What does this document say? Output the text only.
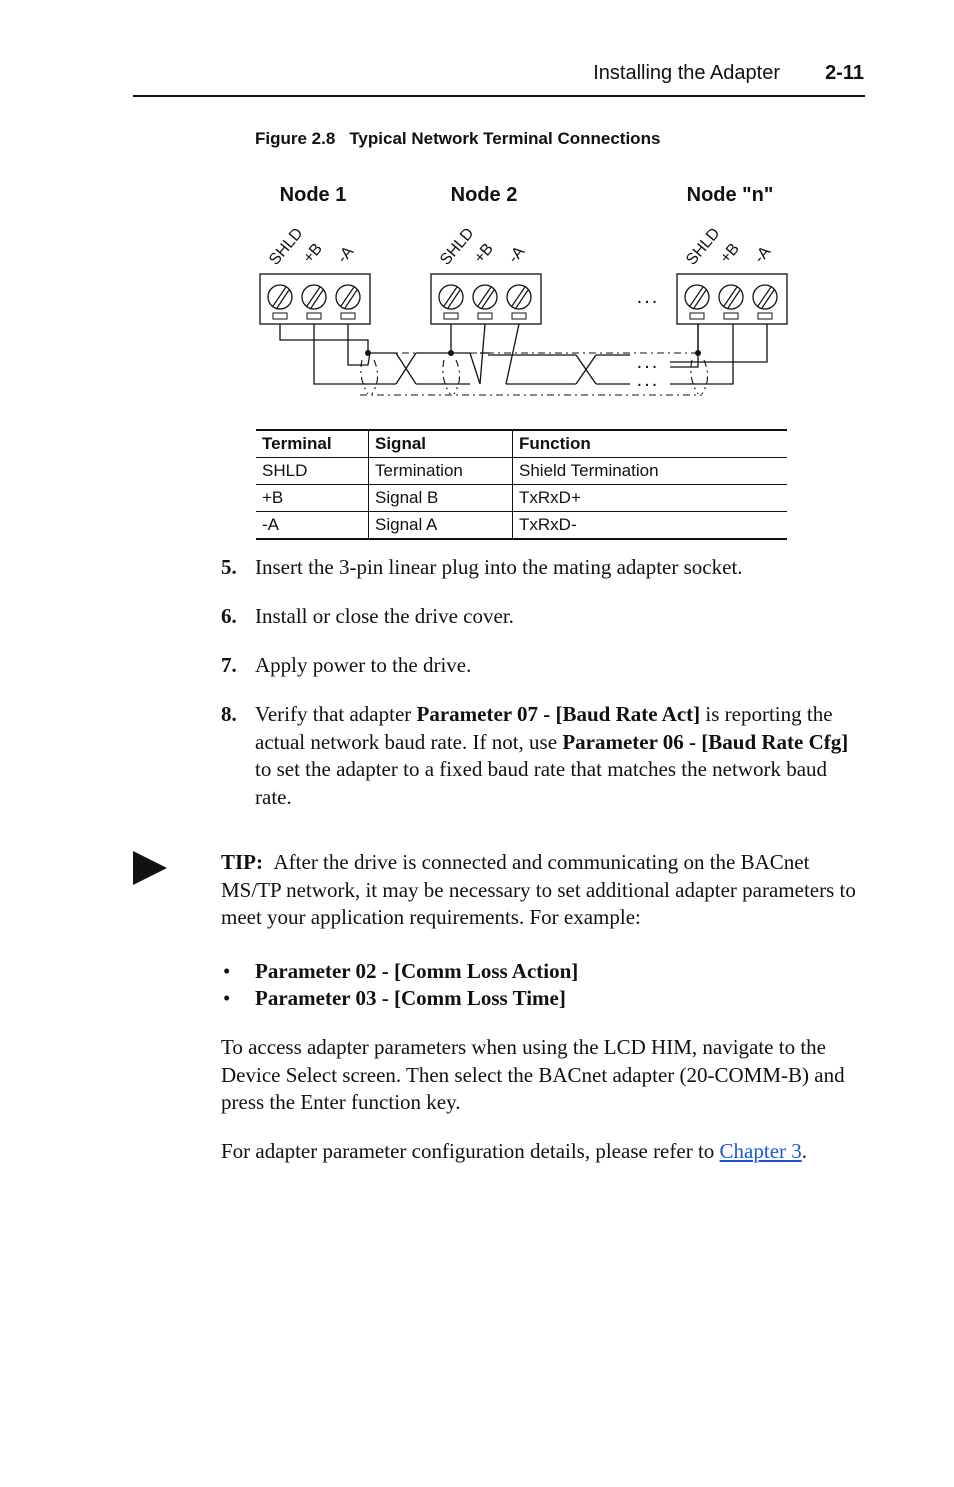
Installing the Adapter 2-11
Figure 2.8 Typical Network Terminal Connections
Node 1
SHLD
+B -A
Node 2
SHLD
+B -A
Node "n"
SHLD
+B -A
...
...
...
Terminal	Signal	Function
SHLD	Termination	Shield Termination
+B	Signal B	TxRxD+
-A	Signal A	TxRxD-
5. Insert the 3-pin linear plug into the mating adapter socket.
6. Install or close the drive cover.
7. Apply power to the drive.
8. Verify that adapter Parameter 07 - [Baud Rate Act] is reporting the actual network baud rate. If not, use Parameter 06 - [Baud Rate Cfg] to set the adapter to a fixed baud rate that matches the network baud rate.
TIP: After the drive is connected and communicating on the BACnet MS/TP network, it may be necessary to set additional adapter parameters to meet your application requirements. For example:
• Parameter 02 - [Comm Loss Action]
• Parameter 03 - [Comm Loss Time]
To access adapter parameters when using the LCD HIM, navigate to the Device Select screen. Then select the BACnet adapter (20-COMM-B) and press the Enter function key.
For adapter parameter configuration details, please refer to Chapter 3.
